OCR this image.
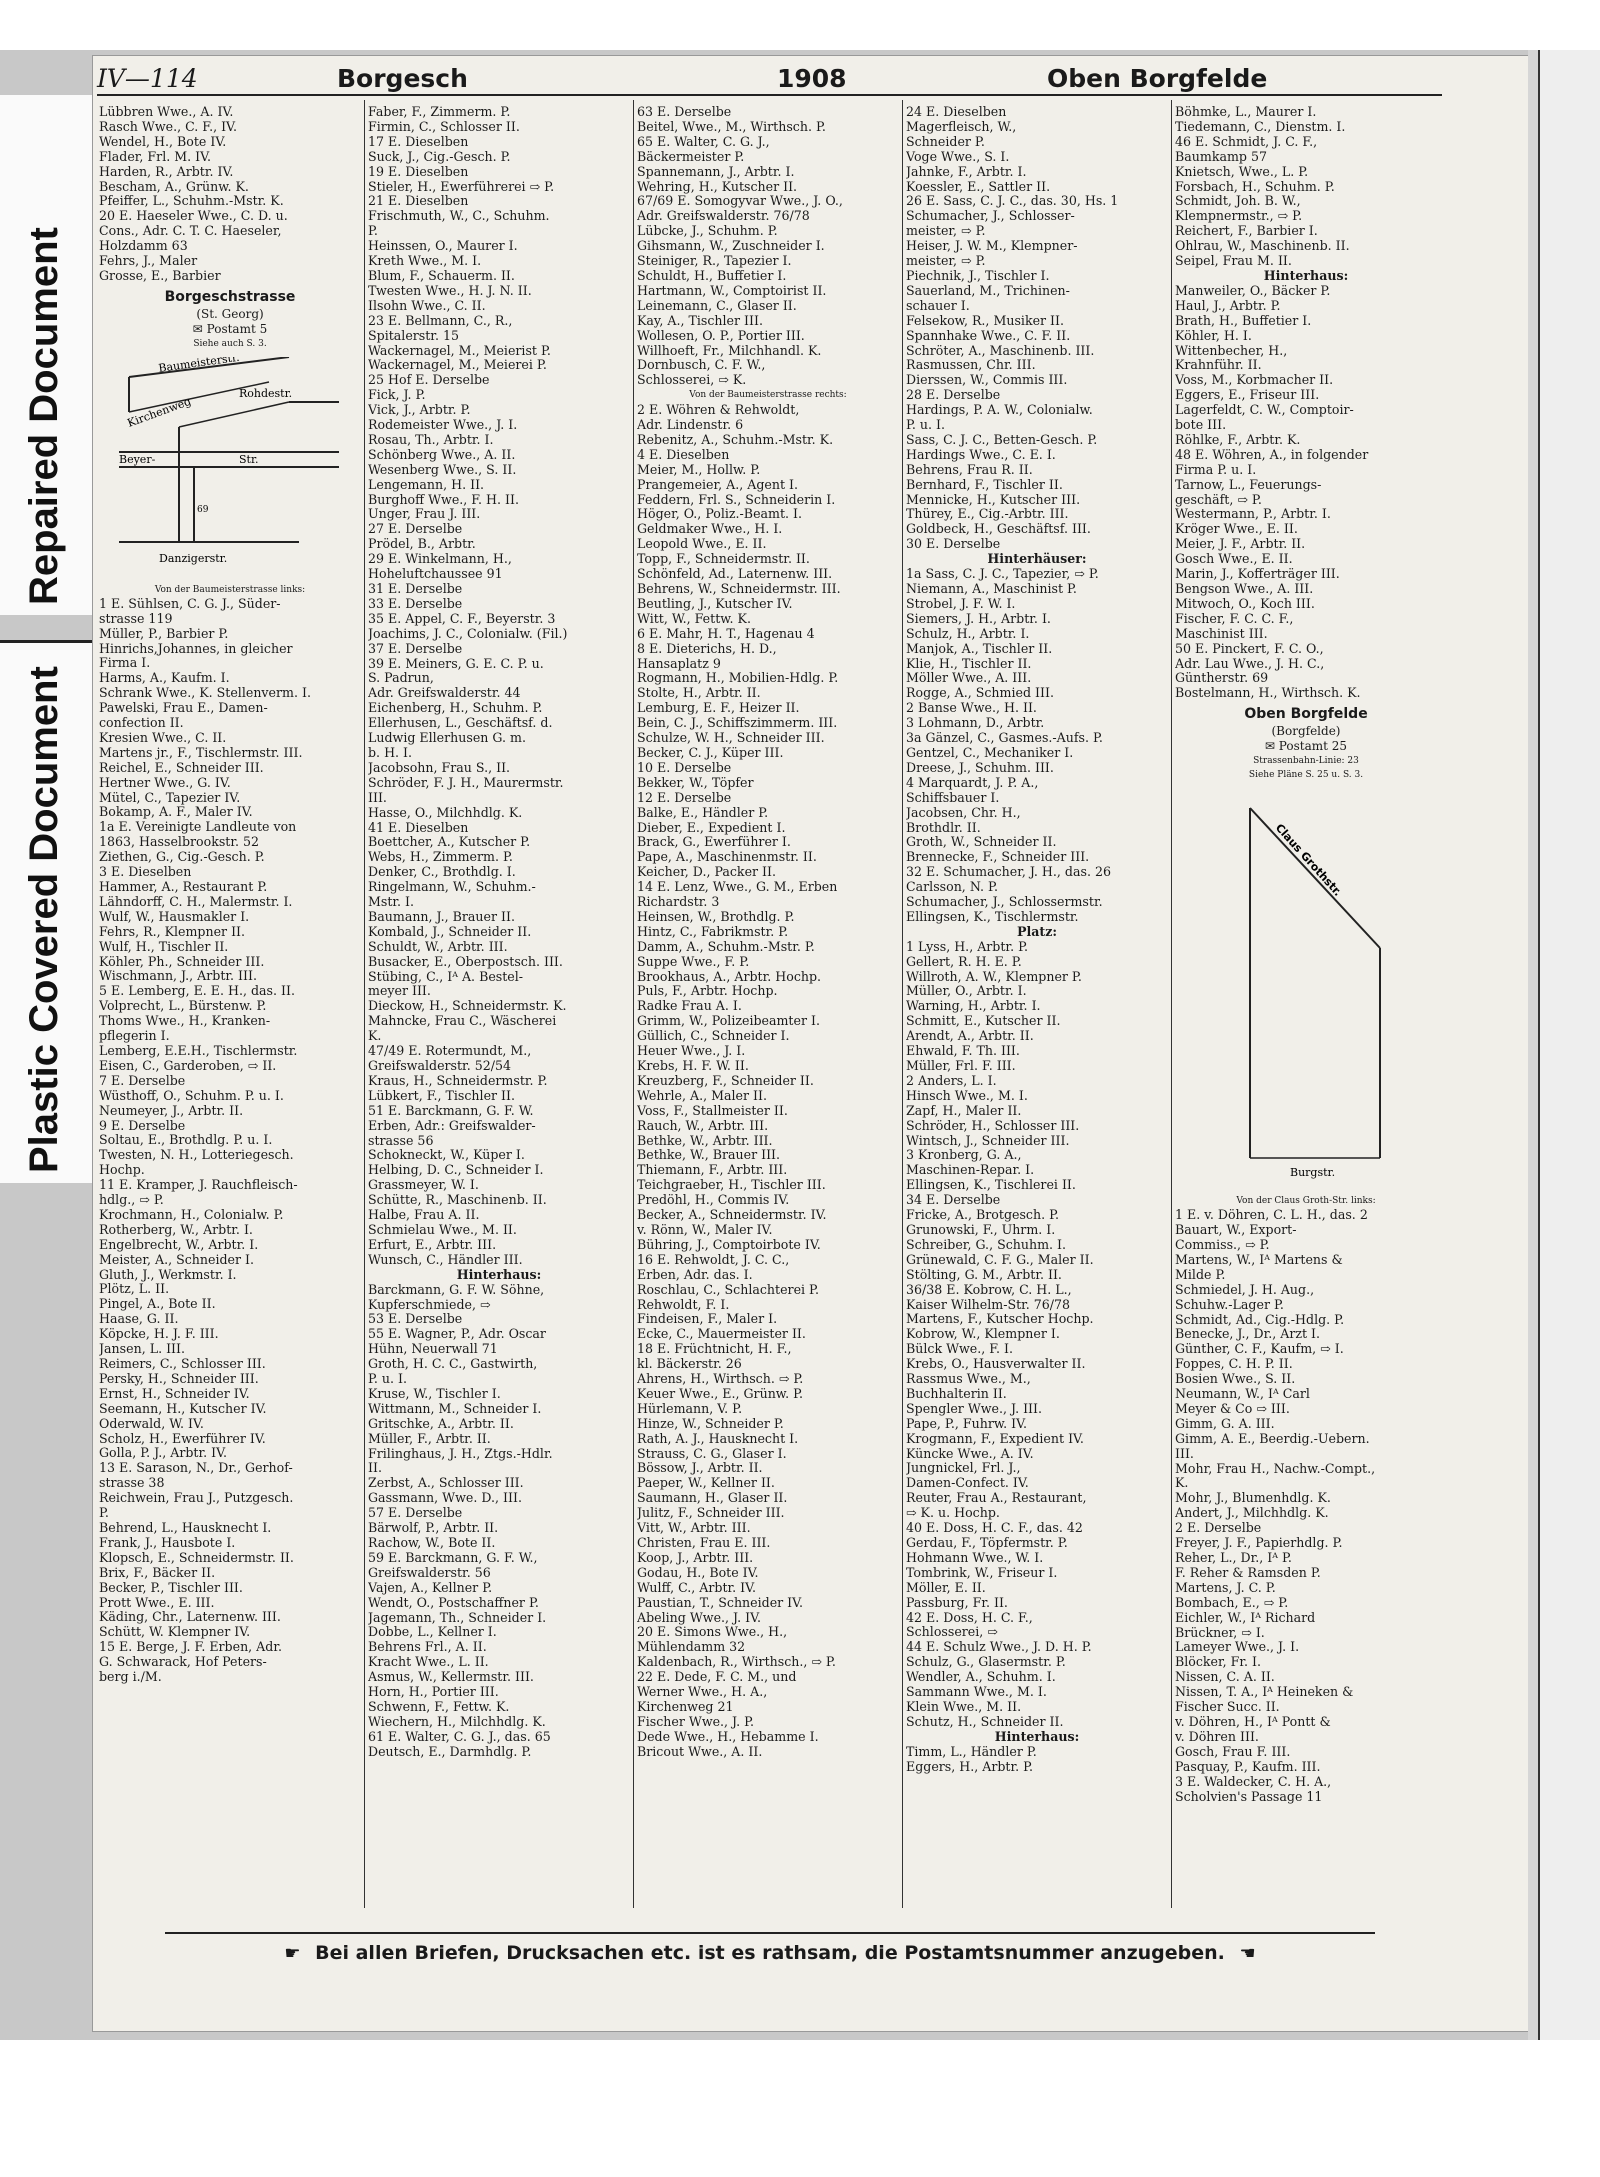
Repaired Document
Plastic Covered Document
IV—114	Borgesch	1908	Oben Borgfelde
Lübbren Wwe., A. IV.
Rasch Wwe., C. F., IV.
Wendel, H., Bote IV.
Flader, Frl. M. IV.
Harden, R., Arbtr. IV.
Bescham, A., Grünw. K.
Pfeiffer, L., Schuhm.-Mstr. K.
20 E. Haeseler Wwe., C. D. u.
Cons., Adr. C. T. C. Haeseler,
Holzdamm 63
Fehrs, J., Maler
Grosse, E., Barbier
Borgeschstrasse
(St. Georg)
✉ Postamt 5
Siehe auch S. 3.
Baumeisterstr.
Kirchenweg
Rohdestr.
Beyer-	Str.
Danzigerstr.
69
Von der Baumeisterstrasse links:
1 E. Sühlsen, C. G. J., Süder-
strasse 119
Müller, P., Barbier P.
Hinrichs,Johannes, in gleicher
Firma I.
Harms, A., Kaufm. I.
Schrank Wwe., K. Stellenverm. I.
Pawelski, Frau E., Damen-
confection II.
Kresien Wwe., C. II.
Martens jr., F., Tischlermstr. III.
Reichel, E., Schneider III.
Hertner Wwe., G. IV.
Mütel, C., Tapezier IV.
Bokamp, A. F., Maler IV.
1a E. Vereinigte Landleute von
1863, Hasselbrookstr. 52
Ziethen, G., Cig.-Gesch. P.
3 E. Dieselben
Hammer, A., Restaurant P.
Lähndorff, C. H., Malermstr. I.
Wulf, W., Hausmakler I.
Fehrs, R., Klempner II.
Wulf, H., Tischler II.
Köhler, Ph., Schneider III.
Wischmann, J., Arbtr. III.
5 E. Lemberg, E. E. H., das. II.
Volprecht, L., Bürstenw. P.
Thoms Wwe., H., Kranken-
pflegerin I.
Lemberg, E.E.H., Tischlermstr.
Eisen, C., Garderoben, ⇨ II.
7 E. Derselbe
Wüsthoff, O., Schuhm. P. u. I.
Neumeyer, J., Arbtr. II.
9 E. Derselbe
Soltau, E., Brothdlg. P. u. I.
Twesten, N. H., Lotteriegesch.
Hochp.
11 E. Kramper, J. Rauchfleisch-
hdlg., ⇨ P.
Krochmann, H., Colonialw. P.
Rotherberg, W., Arbtr. I.
Engelbrecht, W., Arbtr. I.
Meister, A., Schneider I.
Gluth, J., Werkmstr. I.
Plötz, L. II.
Pingel, A., Bote II.
Haase, G. II.
Köpcke, H. J. F. III.
Jansen, L. III.
Reimers, C., Schlosser III.
Persky, H., Schneider III.
Ernst, H., Schneider IV.
Seemann, H., Kutscher IV.
Oderwald, W. IV.
Scholz, H., Ewerführer IV.
Golla, P. J., Arbtr. IV.
13 E. Sarason, N., Dr., Gerhof-
strasse 38
Reichwein, Frau J., Putzgesch.
P.
Behrend, L., Hausknecht I.
Frank, J., Hausbote I.
Klopsch, E., Schneidermstr. II.
Brix, F., Bäcker II.
Becker, P., Tischler III.
Prott Wwe., E. III.
Käding, Chr., Laternenw. III.
Schütt, W. Klempner IV.
15 E. Berge, J. F. Erben, Adr.
G. Schwarack, Hof Peters-
berg i./M.
Faber, F., Zimmerm. P.
Firmin, C., Schlosser II.
17 E. Dieselben
Suck, J., Cig.-Gesch. P.
19 E. Dieselben
Stieler, H., Ewerführerei ⇨ P.
21 E. Dieselben
Frischmuth, W., C., Schuhm.
P.
Heinssen, O., Maurer I.
Kreth Wwe., M. I.
Blum, F., Schauerm. II.
Twesten Wwe., H. J. N. II.
Ilsohn Wwe., C. II.
23 E. Bellmann, C., R.,
Spitalerstr. 15
Wackernagel, M., Meierist P.
Wackernagel, M., Meierei P.
25 Hof E. Derselbe
Fick, J. P.
Vick, J., Arbtr. P.
Rodemeister Wwe., J. I.
Rosau, Th., Arbtr. I.
Schönberg Wwe., A. II.
Wesenberg Wwe., S. II.
Lengemann, H. II.
Burghoff Wwe., F. H. II.
Unger, Frau J. III.
27 E. Derselbe
Prödel, B., Arbtr.
29 E. Winkelmann, H.,
Hoheluftchaussee 91
31 E. Derselbe
33 E. Derselbe
35 E. Appel, C. F., Beyerstr. 3
Joachims, J. C., Colonialw. (Fil.)
37 E. Derselbe
39 E. Meiners, G. E. C. P. u.
S. Padrun,
Adr. Greifswalderstr. 44
Eichenberg, H., Schuhm. P.
Ellerhusen, L., Geschäftsf. d.
Ludwig Ellerhusen G. m.
b. H. I.
Jacobsohn, Frau S., II.
Schröder, F. J. H., Maurermstr.
III.
Hasse, O., Milchhdlg. K.
41 E. Dieselben
Boettcher, A., Kutscher P.
Webs, H., Zimmerm. P.
Denker, C., Brothdlg. I.
Ringelmann, W., Schuhm.-
Mstr. I.
Baumann, J., Brauer II.
Kombald, J., Schneider II.
Schuldt, W., Arbtr. III.
Busacker, E., Oberpostsch. III.
Stübing, C., Iᴬ A. Bestel-
meyer III.
Dieckow, H., Schneidermstr. K.
Mahncke, Frau C., Wäscherei
K.
47/49 E. Rotermundt, M.,
Greifswalderstr. 52/54
Kraus, H., Schneidermstr. P.
Lübkert, F., Tischler II.
51 E. Barckmann, G. F. W.
Erben, Adr.: Greifswalder-
strasse 56
Schokneckt, W., Küper I.
Helbing, D. C., Schneider I.
Grassmeyer, W. I.
Schütte, R., Maschinenb. II.
Halbe, Frau A. II.
Schmielau Wwe., M. II.
Erfurt, E., Arbtr. III.
Wunsch, C., Händler III.
Hinterhaus:
Barckmann, G. F. W. Söhne,
Kupferschmiede, ⇨
53 E. Derselbe
55 E. Wagner, P., Adr. Oscar
Hühn, Neuerwall 71
Groth, H. C. C., Gastwirth,
P. u. I.
Kruse, W., Tischler I.
Wittmann, M., Schneider I.
Gritschke, A., Arbtr. II.
Müller, F., Arbtr. II.
Frilinghaus, J. H., Ztgs.-Hdlr.
II.
Zerbst, A., Schlosser III.
Gassmann, Wwe. D., III.
57 E. Derselbe
Bärwolf, P., Arbtr. II.
Rachow, W., Bote II.
59 E. Barckmann, G. F. W.,
Greifswalderstr. 56
Vajen, A., Kellner P.
Wendt, O., Postschaffner P.
Jagemann, Th., Schneider I.
Dobbe, L., Kellner I.
Behrens Frl., A. II.
Kracht Wwe., L. II.
Asmus, W., Kellermstr. III.
Horn, H., Portier III.
Schwenn, F., Fettw. K.
Wiechern, H., Milchhdlg. K.
61 E. Walter, C. G. J., das. 65
Deutsch, E., Darmhdlg. P.
63 E. Derselbe
Beitel, Wwe., M., Wirthsch. P.
65 E. Walter, C. G. J.,
Bäckermeister P.
Spannemann, J., Arbtr. I.
Wehring, H., Kutscher II.
67/69 E. Somogyvar Wwe., J. O.,
Adr. Greifswalderstr. 76/78
Lübcke, J., Schuhm. P.
Gihsmann, W., Zuschneider I.
Steiniger, R., Tapezier I.
Schuldt, H., Buffetier I.
Hartmann, W., Comptoirist II.
Leinemann, C., Glaser II.
Kay, A., Tischler III.
Wollesen, O. P., Portier III.
Willhoeft, Fr., Milchhandl. K.
Dornbusch, C. F. W.,
Schlosserei, ⇨ K.
Von der Baumeisterstrasse rechts:
2 E. Wöhren & Rehwoldt,
Adr. Lindenstr. 6
Rebenitz, A., Schuhm.-Mstr. K.
4 E. Dieselben
Meier, M., Hollw. P.
Prangemeier, A., Agent I.
Feddern, Frl. S., Schneiderin I.
Höger, O., Poliz.-Beamt. I.
Geldmaker Wwe., H. I.
Leopold Wwe., E. II.
Topp, F., Schneidermstr. II.
Schönfeld, Ad., Laternenw. III.
Behrens, W., Schneidermstr. III.
Beutling, J., Kutscher IV.
Witt, W., Fettw. K.
6 E. Mahr, H. T., Hagenau 4
8 E. Dieterichs, H. D.,
Hansaplatz 9
Rogmann, H., Mobilien-Hdlg. P.
Stolte, H., Arbtr. II.
Lemburg, E. F., Heizer II.
Bein, C. J., Schiffszimmerm. III.
Schulze, W. H., Schneider III.
Becker, C. J., Küper III.
10 E. Derselbe
Bekker, W., Töpfer
12 E. Derselbe
Balke, E., Händler P.
Dieber, E., Expedient I.
Brack, G., Ewerführer I.
Pape, A., Maschinenmstr. II.
Keicher, D., Packer II.
14 E. Lenz, Wwe., G. M., Erben
Richardstr. 3
Heinsen, W., Brothdlg. P.
Hintz, C., Fabrikmstr. P.
Damm, A., Schuhm.-Mstr. P.
Suppe Wwe., F. P.
Brookhaus, A., Arbtr. Hochp.
Puls, F., Arbtr. Hochp.
Radke Frau A. I.
Grimm, W., Polizeibeamter I.
Güllich, C., Schneider I.
Heuer Wwe., J. I.
Krebs, H. F. W. II.
Kreuzberg, F., Schneider II.
Wehrle, A., Maler II.
Voss, F., Stallmeister II.
Rauch, W., Arbtr. III.
Bethke, W., Arbtr. III.
Bethke, W., Brauer III.
Thiemann, F., Arbtr. III.
Teichgraeber, H., Tischler III.
Predöhl, H., Commis IV.
Becker, A., Schneidermstr. IV.
v. Rönn, W., Maler IV.
Bühring, J., Comptoirbote IV.
16 E. Rehwoldt, J. C. C.,
Erben, Adr. das. I.
Roschlau, C., Schlachterei P.
Rehwoldt, F. I.
Findeisen, F., Maler I.
Ecke, C., Mauermeister II.
18 E. Früchtnicht, H. F.,
kl. Bäckerstr. 26
Ahrens, H., Wirthsch. ⇨ P.
Keuer Wwe., E., Grünw. P.
Hürlemann, V. P.
Hinze, W., Schneider P.
Rath, A. J., Hausknecht I.
Strauss, C. G., Glaser I.
Bössow, J., Arbtr. II.
Paeper, W., Kellner II.
Saumann, H., Glaser II.
Julitz, F., Schneider III.
Vitt, W., Arbtr. III.
Christen, Frau E. III.
Koop, J., Arbtr. III.
Godau, H., Bote IV.
Wulff, C., Arbtr. IV.
Paustian, T., Schneider IV.
Abeling Wwe., J. IV.
20 E. Simons Wwe., H.,
Mühlendamm 32
Kaldenbach, R., Wirthsch., ⇨ P.
22 E. Dede, F. C. M., und
Werner Wwe., H. A.,
Kirchenweg 21
Fischer Wwe., J. P.
Dede Wwe., H., Hebamme I.
Bricout Wwe., A. II.
24 E. Dieselben
Magerfleisch, W.,
Schneider P.
Voge Wwe., S. I.
Jahnke, F., Arbtr. I.
Koessler, E., Sattler II.
26 E. Sass, C. J. C., das. 30, Hs. 1
Schumacher, J., Schlosser-
meister, ⇨ P.
Heiser, J. W. M., Klempner-
meister, ⇨ P.
Piechnik, J., Tischler I.
Sauerland, M., Trichinen-
schauer I.
Felsekow, R., Musiker II.
Spannhake Wwe., C. F. II.
Schröter, A., Maschinenb. III.
Rasmussen, Chr. III.
Dierssen, W., Commis III.
28 E. Derselbe
Hardings, P. A. W., Colonialw.
P. u. I.
Sass, C. J. C., Betten-Gesch. P.
Hardings Wwe., C. E. I.
Behrens, Frau R. II.
Bernhard, F., Tischler II.
Mennicke, H., Kutscher III.
Thürey, E., Cig.-Arbtr. III.
Goldbeck, H., Geschäftsf. III.
30 E. Derselbe
Hinterhäuser:
1a Sass, C. J. C., Tapezier, ⇨ P.
Niemann, A., Maschinist P.
Strobel, J. F. W. I.
Siemers, J. H., Arbtr. I.
Schulz, H., Arbtr. I.
Manjok, A., Tischler II.
Klie, H., Tischler II.
Möller Wwe., A. III.
Rogge, A., Schmied III.
2 Banse Wwe., H. II.
3 Lohmann, D., Arbtr.
3a Gänzel, C., Gasmes.-Aufs. P.
Gentzel, C., Mechaniker I.
Dreese, J., Schuhm. III.
4 Marquardt, J. P. A.,
Schiffsbauer I.
Jacobsen, Chr. H.,
Brothdlr. II.
Groth, W., Schneider II.
Brennecke, F., Schneider III.
32 E. Schumacher, J. H., das. 26
Carlsson, N. P.
Schumacher, J., Schlossermstr.
Ellingsen, K., Tischlermstr.
Platz:
1 Lyss, H., Arbtr. P.
Gellert, R. H. E. P.
Willroth, A. W., Klempner P.
Müller, O., Arbtr. I.
Warning, H., Arbtr. I.
Schmitt, E., Kutscher II.
Arendt, A., Arbtr. II.
Ehwald, F. Th. III.
Müller, Frl. F. III.
2 Anders, L. I.
Hinsch Wwe., M. I.
Zapf, H., Maler II.
Schröder, H., Schlosser III.
Wintsch, J., Schneider III.
3 Kronberg, G. A.,
Maschinen-Repar. I.
Ellingsen, K., Tischlerei II.
34 E. Derselbe
Fricke, A., Brotgesch. P.
Grunowski, F., Uhrm. I.
Schreiber, G., Schuhm. I.
Grünewald, C. F. G., Maler II.
Stölting, G. M., Arbtr. II.
36/38 E. Kobrow, C. H. L.,
Kaiser Wilhelm-Str. 76/78
Martens, F., Kutscher Hochp.
Kobrow, W., Klempner I.
Bülck Wwe., F. I.
Krebs, O., Hausverwalter II.
Rassmus Wwe., M.,
Buchhalterin II.
Spengler Wwe., J. III.
Pape, P., Fuhrw. IV.
Krogmann, F., Expedient IV.
Küncke Wwe., A. IV.
Jungnickel, Frl. J.,
Damen-Confect. IV.
Reuter, Frau A., Restaurant,
⇨ K. u. Hochp.
40 E. Doss, H. C. F., das. 42
Gerdau, F., Töpfermstr. P.
Hohmann Wwe., W. I.
Tombrink, W., Friseur I.
Möller, E. II.
Passburg, Fr. II.
42 E. Doss, H. C. F.,
Schlosserei, ⇨
44 E. Schulz Wwe., J. D. H. P.
Schulz, G., Glasermstr. P.
Wendler, A., Schuhm. I.
Sammann Wwe., M. I.
Klein Wwe., M. II.
Schutz, H., Schneider II.
Hinterhaus:
Timm, L., Händler P.
Eggers, H., Arbtr. P.
Böhmke, L., Maurer I.
Tiedemann, C., Dienstm. I.
46 E. Schmidt, J. C. F.,
Baumkamp 57
Knietsch, Wwe., L. P.
Forsbach, H., Schuhm. P.
Schmidt, Joh. B. W.,
Klempnermstr., ⇨ P.
Reichert, F., Barbier I.
Ohlrau, W., Maschinenb. II.
Seipel, Frau M. II.
Hinterhaus:
Manweiler, O., Bäcker P.
Haul, J., Arbtr. P.
Brath, H., Buffetier I.
Köhler, H. I.
Wittenbecher, H.,
Krahnführ. II.
Voss, M., Korbmacher II.
Eggers, E., Friseur III.
Lagerfeldt, C. W., Comptoir-
bote III.
Röhlke, F., Arbtr. K.
48 E. Wöhren, A., in folgender
Firma P. u. I.
Tarnow, L., Feuerungs-
geschäft, ⇨ P.
Westermann, P., Arbtr. I.
Kröger Wwe., E. II.
Meier, J. F., Arbtr. II.
Gosch Wwe., E. II.
Marin, J., Kofferträger III.
Bengson Wwe., A. III.
Mitwoch, O., Koch III.
Fischer, F. C. C. F.,
Maschinist III.
50 E. Pinckert, F. C. O.,
Adr. Lau Wwe., J. H. C.,
Güntherstr. 69
Bostelmann, H., Wirthsch. K.
Oben Borgfelde
(Borgfelde)
✉ Postamt 25
Strassenbahn-Linie: 23
Siehe Pläne S. 25 u. S. 3.
Claus Grothstr.
Burgstr.
Von der Claus Groth-Str. links:
1 E. v. Döhren, C. L. H., das. 2
Bauart, W., Export-
Commiss., ⇨ P.
Martens, W., Iᴬ Martens &
Milde P.
Schmiedel, J. H. Aug.,
Schuhw.-Lager P.
Schmidt, Ad., Cig.-Hdlg. P.
Benecke, J., Dr., Arzt I.
Günther, C. F., Kaufm, ⇨ I.
Foppes, C. H. P. II.
Bosien Wwe., S. II.
Neumann, W., Iᴬ Carl
Meyer & Co ⇨ III.
Gimm, G. A. III.
Gimm, A. E., Beerdig.-Uebern.
III.
Mohr, Frau H., Nachw.-Compt.,
K.
Mohr, J., Blumenhdlg. K.
Andert, J., Milchhdlg. K.
2 E. Derselbe
Freyer, J. F., Papierhdlg. P.
Reher, L., Dr., Iᴬ P.
F. Reher & Ramsden P.
Martens, J. C. P.
Bombach, E., ⇨ P.
Eichler, W., Iᴬ Richard
Brückner, ⇨ I.
Lameyer Wwe., J. I.
Blöcker, Fr. I.
Nissen, C. A. II.
Nissen, T. A., Iᴬ Heineken &
Fischer Succ. II.
v. Döhren, H., Iᴬ Pontt &
v. Döhren III.
Gosch, Frau F. III.
Pasquay, P., Kaufm. III.
3 E. Waldecker, C. H. A.,
Scholvien's Passage 11
☛ Bei allen Briefen, Drucksachen etc. ist es rathsam, die Postamtsnummer anzugeben. ☚
